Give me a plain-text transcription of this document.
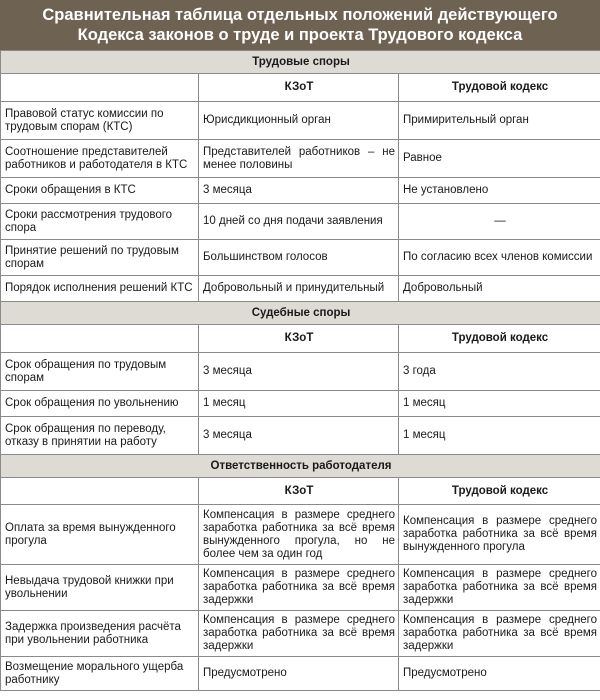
Сравнительная таблица отдельных положений действующего
Кодекса законов о труде и проекта Трудового кодекса
Трудовые споры		
	КЗоТ	Трудовой кодекс
Правовой статус комиссии по трудовым спорам (КТС)	Юрисдикционный орган	Примирительный орган
Соотношение представителей работников и работодателя в КТС	Представителей работников – не менее половины	Равное
Сроки обращения в КТС	3 месяца	Не установлено
Сроки рассмотрения трудового спора	10 дней со дня подачи заявления	—
Принятие решений по трудовым спорам	Большинством голосов	По согласию всех членов комиссии
Порядок исполнения решений КТС	Добровольный и принудительный	Добровольный
Судебные споры		
	КЗоТ	Трудовой кодекс
Срок обращения по трудовым спорам	3 месяца	3 года
Срок обращения по увольнению	1 месяц	1 месяц
Срок обращения по переводу, отказу в принятии на работу	3 месяца	1 месяц
Ответственность работодателя		
	КЗоТ	Трудовой кодекс
Оплата за время вынужденного прогула	Компенсация в размере среднего заработка работника за всё время вынужденного прогула, но не более чем за один год	Компенсация в размере среднего заработка работника за всё время вынужденного прогула
Невыдача трудовой книжки при увольнении	Компенсация в размере среднего заработка работника за всё время задержки	Компенсация в размере среднего заработка работника за всё время задержки
Задержка произведения расчёта при увольнении работника	Компенсация в размере среднего заработка работника за всё время задержки	Компенсация в размере среднего заработка работника за всё время задержки
Возмещение морального ущерба работнику	Предусмотрено	Предусмотрено
